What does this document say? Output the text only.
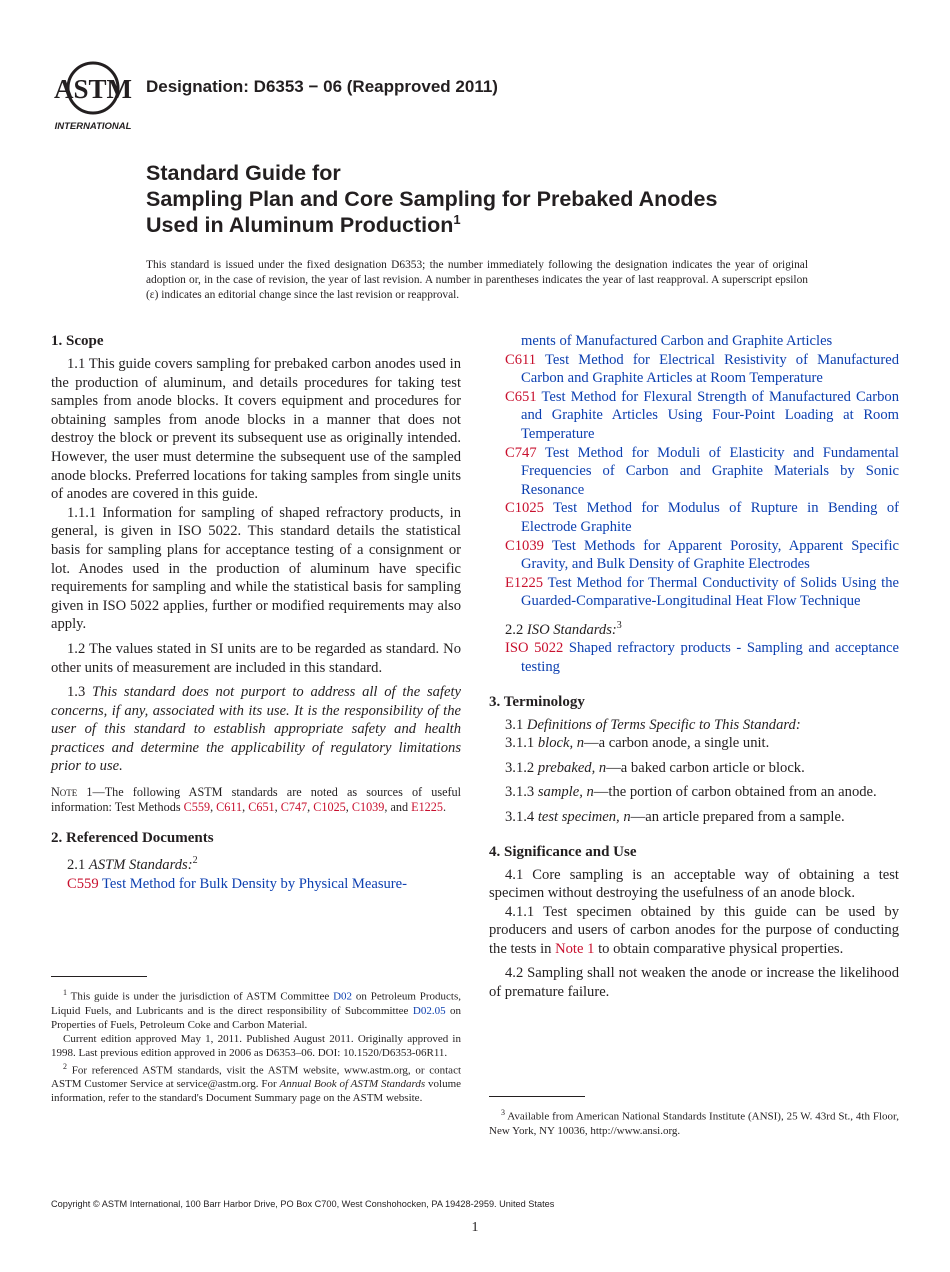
ASTM
INTERNATIONAL
Designation: D6353 − 06 (Reapproved 2011)
Standard Guide for
Sampling Plan and Core Sampling for Prebaked Anodes
Used in Aluminum Production$^1$
This standard is issued under the fixed designation D6353; the number immediately following the designation indicates the year of original adoption or, in the case of revision, the year of last revision. A number in parentheses indicates the year of last reapproval. A superscript epsilon (ε) indicates an editorial change since the last revision or reapproval.
1. Scope

1.1 This guide covers sampling for prebaked carbon anodes used in the production of aluminum, and details procedures for taking test samples from anode blocks. It covers equipment and procedures for obtaining samples from anode blocks in a manner that does not destroy the block or prevent its subsequent use as originally intended. However, the user must determine the subsequent use of the sampled anode blocks. Preferred locations for taking samples from single units of anodes are covered in this guide.

1.1.1 Information for sampling of shaped refractory products, in general, is given in ISO 5022. This standard details the statistical basis for sampling plans for acceptance testing of a consignment or lot. Anodes used in the production of aluminum have specific requirements for sampling and while the statistical basis for sampling given in ISO 5022 applies, further or modified requirements may also apply.

1.2 The values stated in SI units are to be regarded as standard. No other units of measurement are included in this standard.

1.3 This standard does not purport to address all of the safety concerns, if any, associated with its use. It is the responsibility of the user of this standard to establish appropriate safety and health practices and determine the applicability of regulatory limitations prior to use.

Note 1—The following ASTM standards are noted as sources of useful information: Test Methods C559, C611, C651, C747, C1025, C1039, and E1225.

2. Referenced Documents

2.1 ASTM Standards:$^2$

C559 Test Method for Bulk Density by Physical Measure-

$^1$ This guide is under the jurisdiction of ASTM Committee D02 on Petroleum Products, Liquid Fuels, and Lubricants and is the direct responsibility of Subcommittee D02.05 on Properties of Fuels, Petroleum Coke and Carbon Material.

Current edition approved May 1, 2011. Published August 2011. Originally approved in 1998. Last previous edition approved in 2006 as D6353–06. DOI: 10.1520/D6353-06R11.

$^2$ For referenced ASTM standards, visit the ASTM website, www.astm.org, or contact ASTM Customer Service at service@astm.org. For Annual Book of ASTM Standards volume information, refer to the standard's Document Summary page on the ASTM website.

ments of Manufactured Carbon and Graphite Articles

C611 Test Method for Electrical Resistivity of Manufactured Carbon and Graphite Articles at Room Temperature

C651 Test Method for Flexural Strength of Manufactured Carbon and Graphite Articles Using Four-Point Loading at Room Temperature

C747 Test Method for Moduli of Elasticity and Fundamental Frequencies of Carbon and Graphite Materials by Sonic Resonance

C1025 Test Method for Modulus of Rupture in Bending of Electrode Graphite

C1039 Test Methods for Apparent Porosity, Apparent Specific Gravity, and Bulk Density of Graphite Electrodes

E1225 Test Method for Thermal Conductivity of Solids Using the Guarded-Comparative-Longitudinal Heat Flow Technique

2.2 ISO Standards:$^3$

ISO 5022 Shaped refractory products - Sampling and acceptance testing

3. Terminology

3.1 Definitions of Terms Specific to This Standard:

3.1.1 block, n—a carbon anode, a single unit.

3.1.2 prebaked, n—a baked carbon article or block.

3.1.3 sample, n—the portion of carbon obtained from an anode.

3.1.4 test specimen, n—an article prepared from a sample.

4. Significance and Use

4.1 Core sampling is an acceptable way of obtaining a test specimen without destroying the usefulness of an anode block.

4.1.1 Test specimen obtained by this guide can be used by producers and users of carbon anodes for the purpose of conducting the tests in Note 1 to obtain comparative physical properties.

4.2 Sampling shall not weaken the anode or increase the likelihood of premature failure.

$^3$ Available from American National Standards Institute (ANSI), 25 W. 43rd St., 4th Floor, New York, NY 10036, http://www.ansi.org.

Copyright © ASTM International, 100 Barr Harbor Drive, PO Box C700, West Conshohocken, PA 19428-2959. United States
1
